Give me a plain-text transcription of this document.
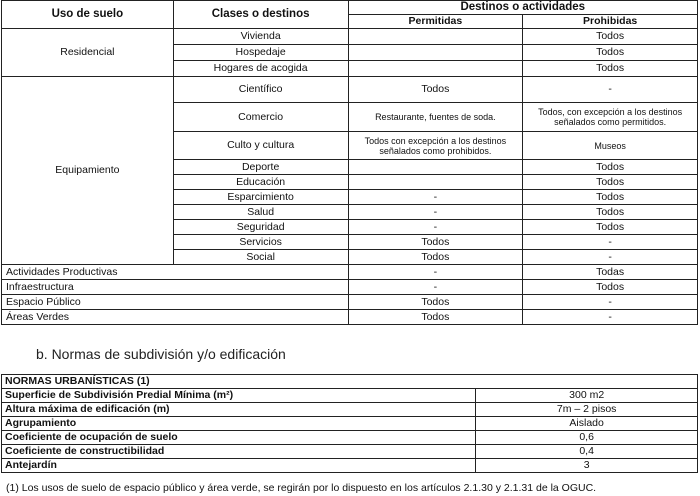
Uso de suelo	Clases o destinos	Destinos o actividades	
		Permitidas	Prohibidas
Residencial	Vivienda		Todos
	Hospedaje		Todos
	Hogares de acogida		Todos
Equipamiento	Científico	Todos	-
	Comercio	Restaurante, fuentes de soda.	Todos, con excepción a los destinos señalados como permitidos.
	Culto y cultura	Todos con excepción a los destinos señalados como prohibidos.	Museos
	Deporte		Todos
	Educación		Todos
	Esparcimiento	-	Todos
	Salud	-	Todos
	Seguridad	-	Todos
	Servicios	Todos	-
	Social	Todos	-
Actividades Productivas		-	Todas
Infraestructura		-	Todos
Espacio Público		Todos	-
Áreas Verdes		Todos	-
b. Normas de subdivisión y/o edificación
NORMAS URBANÍSTICAS (1)	
Superficie de Subdivisión Predial Mínima (m²)	300 m2
Altura máxima de edificación (m)	7m – 2 pisos
Agrupamiento	Aislado
Coeficiente de ocupación de suelo	0,6
Coeficiente de constructibilidad	0,4
Antejardín	3
(1) Los usos de suelo de espacio público y área verde, se regirán por lo dispuesto en los artículos 2.1.30 y 2.1.31 de la OGUC.
